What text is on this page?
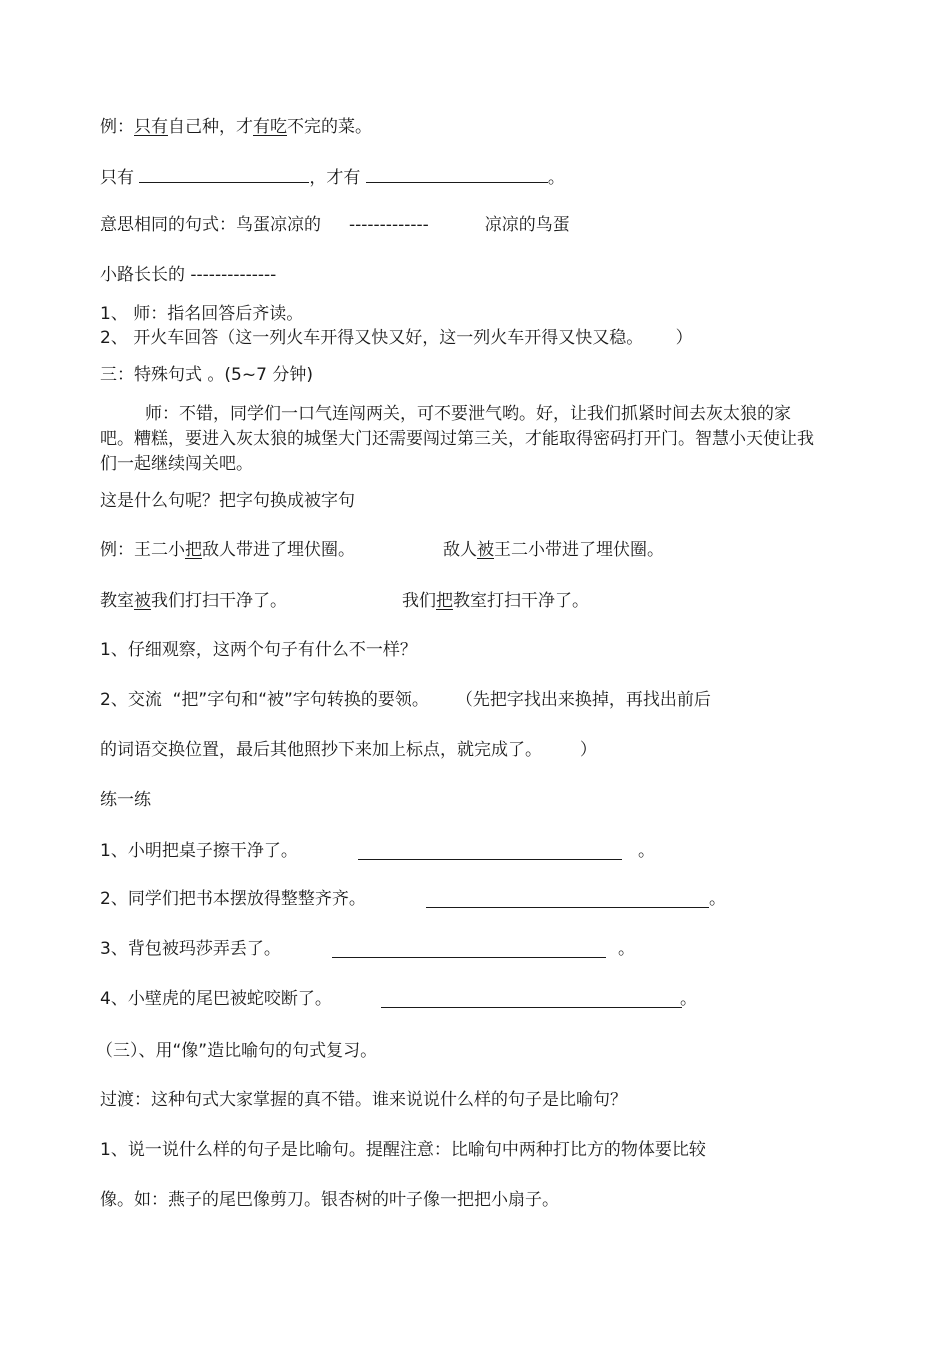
例：只有自己种，才有吃不完的菜。
只有	，才有	。
意思相同的句式：鸟蛋凉凉的 -------------	凉凉的鸟蛋
小路长长的 --------------
1、 师：指名回答后齐读。
2、 开火车回答（这一列火车开得又快又好，这一列火车开得又快又稳。      ）
三：特殊句式 。(5~7 分钟)
师：不错，同学们一口气连闯两关，可不要泄气哟。好，让我们抓紧时间去灰太狼的家吧。糟糕，要进入灰太狼的城堡大门还需要闯过第三关，才能取得密码打开门。智慧小天使让我们一起继续闯关吧。
这是什么句呢？把字句换成被字句
例：王二小把敌人带进了埋伏圈。	敌人被王二小带进了埋伏圈。
教室被我们打扫干净了。	我们把教室打扫干净了。
1、仔细观察，这两个句子有什么不一样？
2、交流  “把”字句和“被”字句转换的要领。     （先把字找出来换掉，再找出前后
的词语交换位置，最后其他照抄下来加上标点，就完成了。       ）
练一练
1、小明把桌子擦干净了。	。
2、同学们把书本摆放得整整齐齐。	。
3、背包被玛莎弄丢了。	。
4、小壁虎的尾巴被蛇咬断了。	。
（三）、用“像”造比喻句的句式复习。
过渡：这种句式大家掌握的真不错。谁来说说什么样的句子是比喻句？
1、说一说什么样的句子是比喻句。提醒注意：比喻句中两种打比方的物体要比较
像。如：燕子的尾巴像剪刀。银杏树的叶子像一把把小扇子。
